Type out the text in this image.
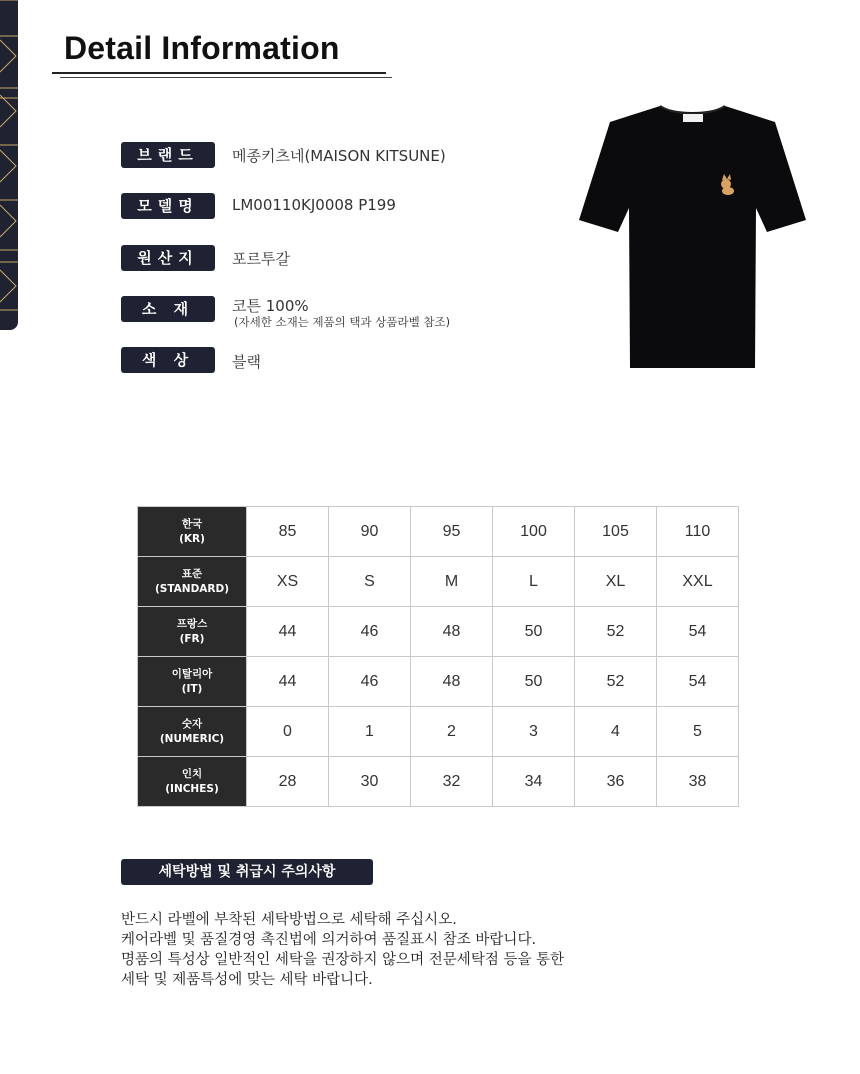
Detail Information
브랜드	메종키츠네(MAISON KITSUNE)
모델명	LM00110KJ0008 P199
원산지	포르투갈
소 재	코튼 100%
(자세한 소재는 제품의 택과 상품라벨 참조)
색 상	블랙
한국
(KR)	85	90	95	100	105	110
표준
(STANDARD)	XS	S	M	L	XL	XXL
프랑스
(FR)	44	46	48	50	52	54
이탈리아
(IT)	44	46	48	50	52	54
숫자
(NUMERIC)	0	1	2	3	4	5
인치
(INCHES)	28	30	32	34	36	38
세탁방법 및 취급시 주의사항
반드시 라벨에 부착된 세탁방법으로 세탁해 주십시오.
케어라벨 및 품질경영 촉진법에 의거하여 품질표시 참조 바랍니다.
명품의 특성상 일반적인 세탁을 권장하지 않으며 전문세탁점 등을 통한
세탁 및 제품특성에 맞는 세탁 바랍니다.
